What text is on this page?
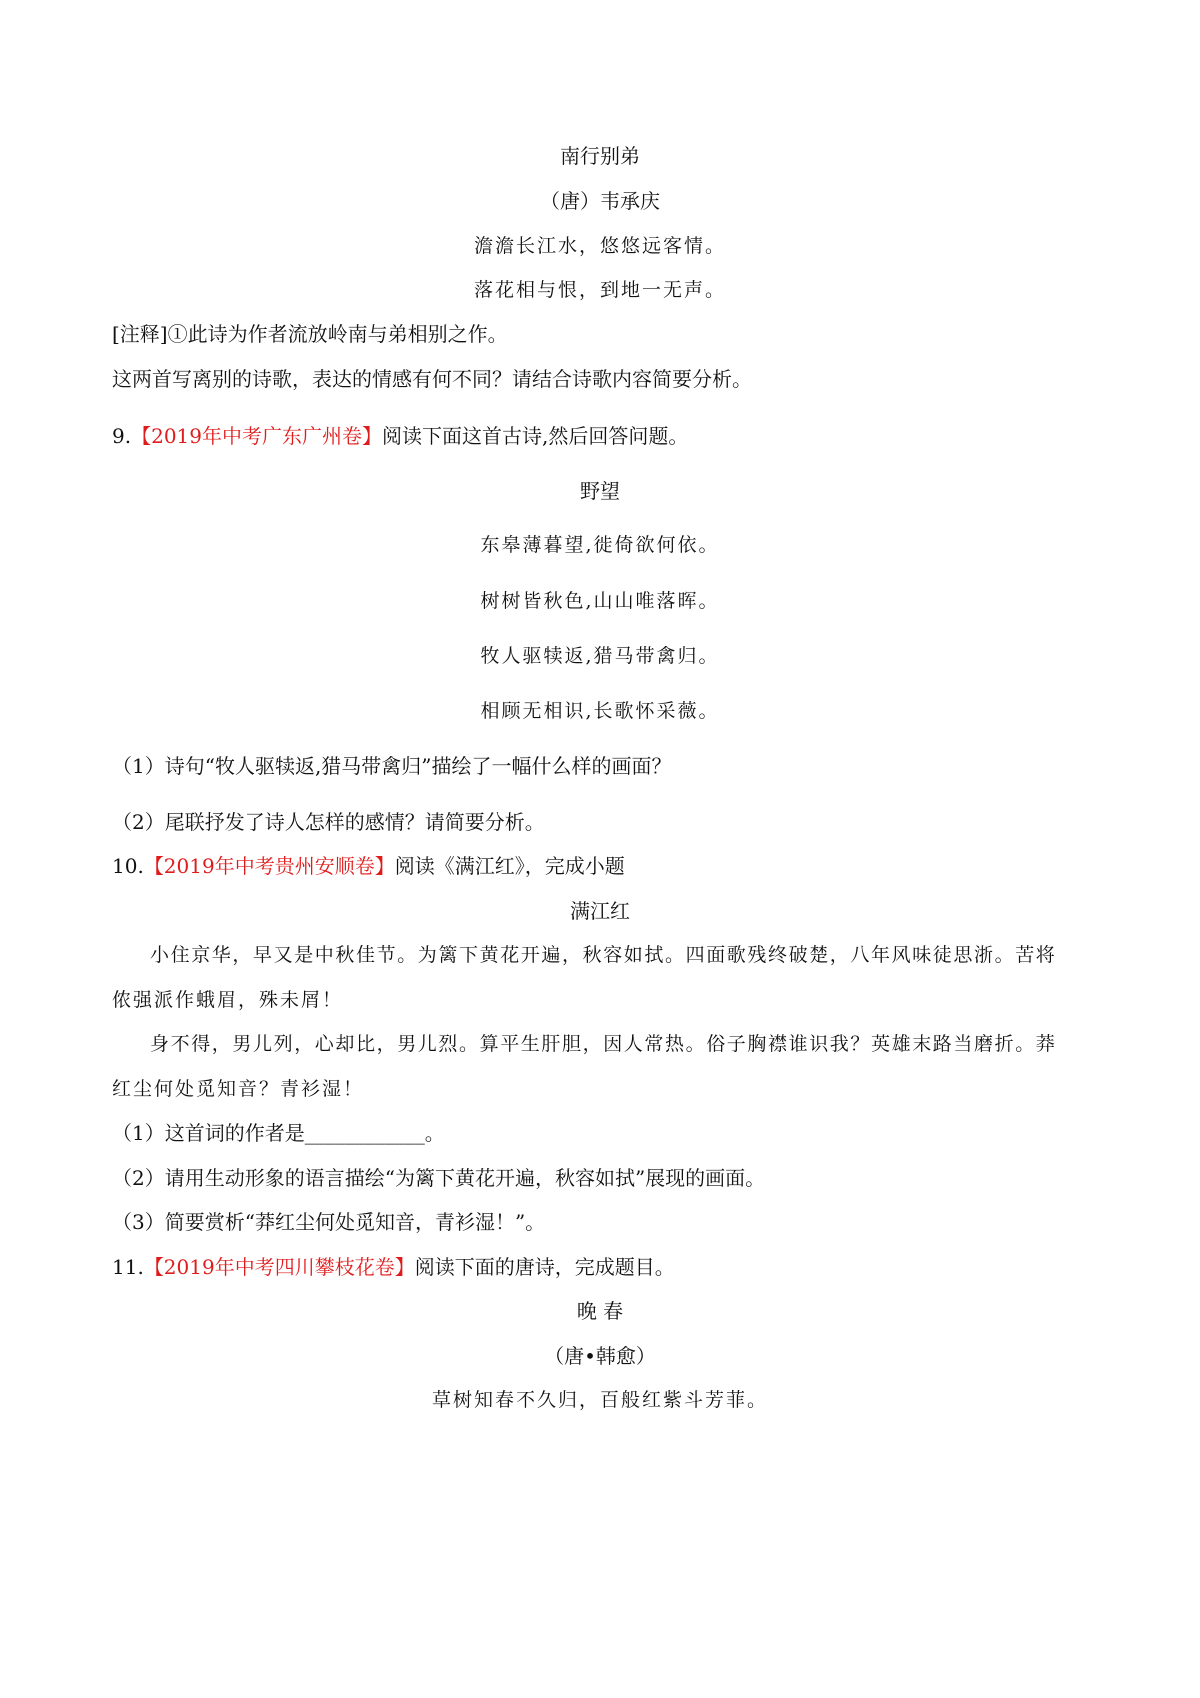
南行别弟
（唐）韦承庆
澹澹长江水，悠悠远客情。
落花相与恨，到地一无声。
[注释]①此诗为作者流放岭南与弟相别之作。
这两首写离别的诗歌，表达的情感有何不同？请结合诗歌内容简要分析。
9.【2019年中考广东广州卷】阅读下面这首古诗,然后回答问题。
野望
东皋薄暮望,徙倚欲何依。
树树皆秋色,山山唯落晖。
牧人驱犊返,猎马带禽归。
相顾无相识,长歌怀采薇。
（1）诗句“牧人驱犊返,猎马带禽归”描绘了一幅什么样的画面？
（2）尾联抒发了诗人怎样的感情？请简要分析。
10.【2019年中考贵州安顺卷】阅读《满江红》，完成小题
满江红
小住京华，早又是中秋佳节。为篱下黄花开遍，秋容如拭。四面歌残终破楚，八年风味徒思浙。苦将
侬强派作蛾眉，殊未屑！
身不得，男儿列，心却比，男儿烈。算平生肝胆，因人常热。俗子胸襟谁识我？英雄末路当磨折。莽
红尘何处觅知音？青衫湿！
（1）这首词的作者是____________。
（2）请用生动形象的语言描绘“为篱下黄花开遍，秋容如拭”展现的画面。
（3）简要赏析“莽红尘何处觅知音，青衫湿！”。
11.【2019年中考四川攀枝花卷】阅读下面的唐诗，完成题目。
晚 春
（唐•韩愈）
草树知春不久归，百般红紫斗芳菲。
